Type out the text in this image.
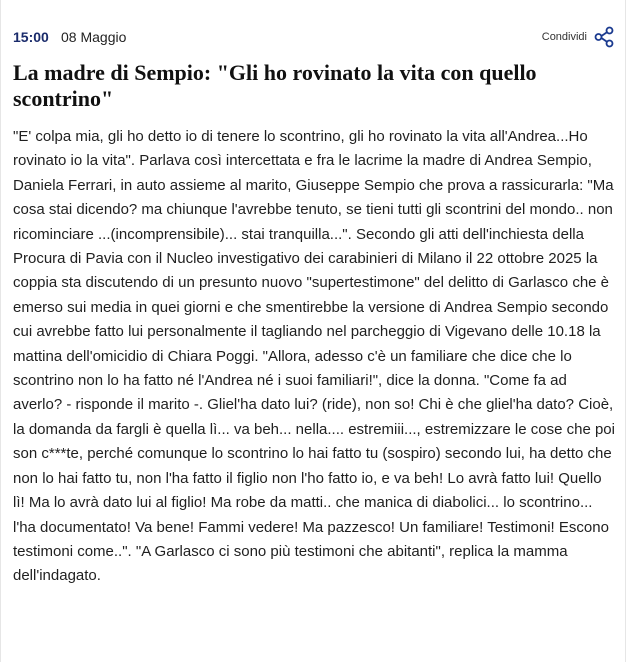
15:00 08 Maggio	Condividi
La madre di Sempio: "Gli ho rovinato la vita con quello scontrino"

"E' colpa mia, gli ho detto io di tenere lo scontrino, gli ho rovinato la vita all'Andrea...Ho rovinato io la vita". Parlava così intercettata e fra le lacrime la madre di Andrea Sempio, Daniela Ferrari, in auto assieme al marito, Giuseppe Sempio che prova a rassicurarla: "Ma cosa stai dicendo? ma chiunque l'avrebbe tenuto, se tieni tutti gli scontrini del mondo.. non ricominciare ...(incomprensibile)... stai tranquilla...". Secondo gli atti dell'inchiesta della Procura di Pavia con il Nucleo investigativo dei carabinieri di Milano il 22 ottobre 2025 la coppia sta discutendo di un presunto nuovo "supertestimone" del delitto di Garlasco che è emerso sui media in quei giorni e che smentirebbe la versione di Andrea Sempio secondo cui avrebbe fatto lui personalmente il tagliando nel parcheggio di Vigevano delle 10.18 la mattina dell'omicidio di Chiara Poggi. "Allora, adesso c'è un familiare che dice che lo scontrino non lo ha fatto né l'Andrea né i suoi familiari!", dice la donna. "Come fa ad averlo? - risponde il marito -. Gliel'ha dato lui? (ride), non so! Chi è che gliel'ha dato? Cioè, la domanda da fargli è quella lì... va beh... nella.... estremiii..., estremizzare le cose che poi son c***te, perché comunque lo scontrino lo hai fatto tu (sospiro) secondo lui, ha detto che non lo hai fatto tu, non l'ha fatto il figlio non l'ho fatto io, e va beh! Lo avrà fatto lui! Quello lì! Ma lo avrà dato lui al figlio! Ma robe da matti.. che manica di diabolici... lo scontrino... l'ha documentato! Va bene! Fammi vedere! Ma pazzesco! Un familiare! Testimoni! Escono testimoni come..". "A Garlasco ci sono più testimoni che abitanti", replica la mamma dell'indagato.
